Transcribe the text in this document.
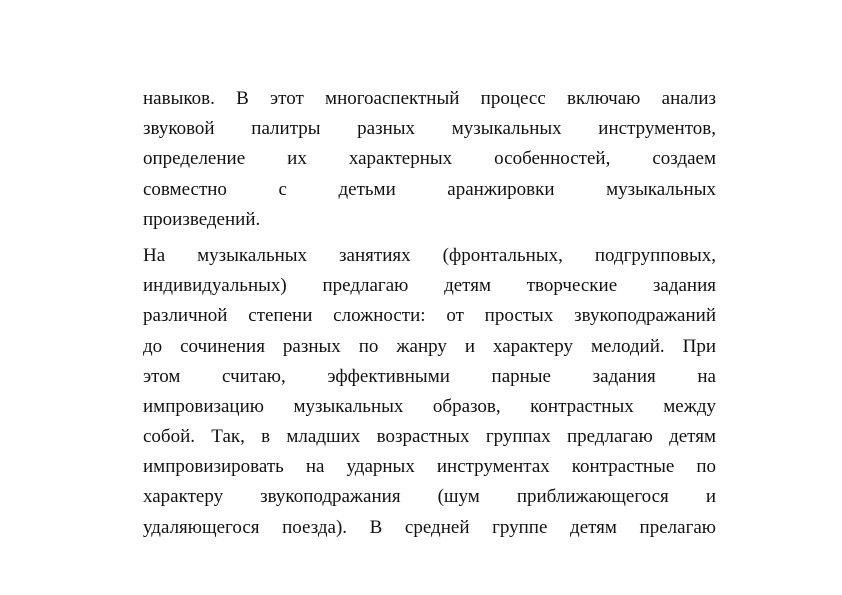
навыков. В этот многоаспектный процесс включаю анализ
звуковой палитры разных музыкальных инструментов,
определение их характерных особенностей, создаем
совместно с детьми аранжировки музыкальных
произведений.
На музыкальных занятиях (фронтальных, подгрупповых,
индивидуальных) предлагаю детям творческие задания
различной степени сложности: от простых звукоподражаний
до сочинения разных по жанру и характеру мелодий. При
этом считаю, эффективными парные задания на
импровизацию музыкальных образов, контрастных между
собой. Так, в младших возрастных группах предлагаю детям
импровизировать на ударных инструментах контрастные по
характеру звукоподражания (шум приближающегося и
удаляющегося поезда). В средней группе детям прелагаю
